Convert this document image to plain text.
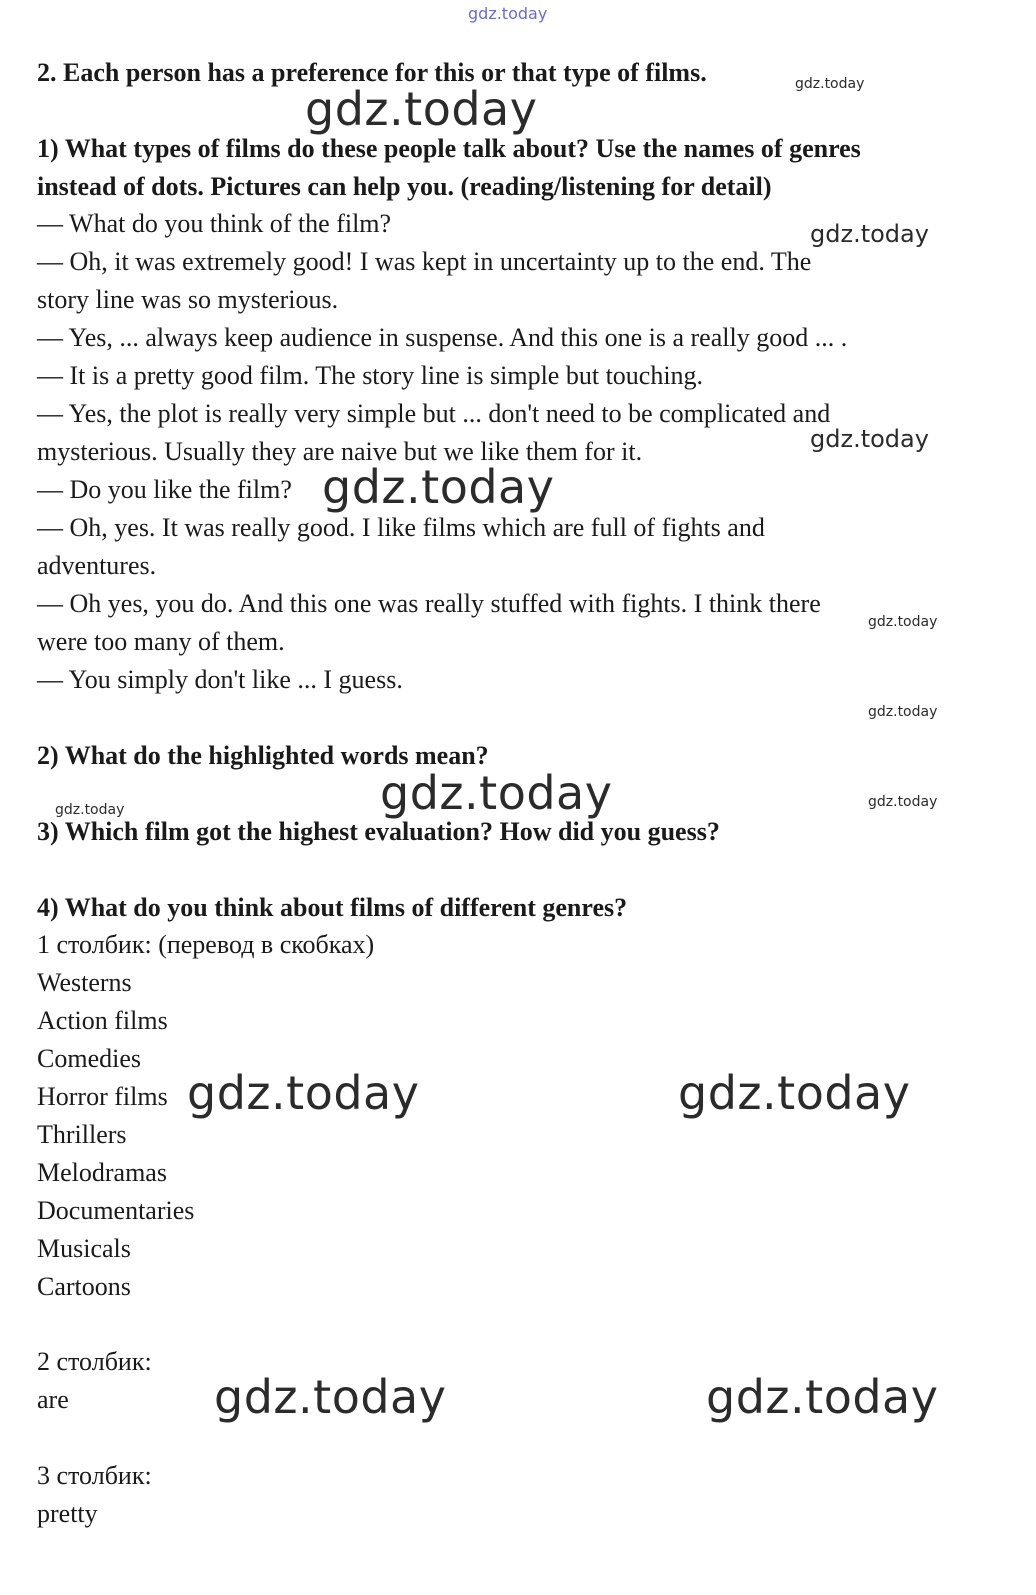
gdz.today
gdz.today
gdz.today
gdz.today
gdz.today
gdz.today
gdz.today
gdz.today
gdz.today
gdz.today	gdz.today
gdz.today	gdz.today
gdz.today	gdz.today
2. Each person has a preference for this or that type of films.
1) What types of films do these people talk about? Use the names of genres
instead of dots. Pictures can help you. (reading/listening for detail)
— What do you think of the film?
— Oh, it was extremely good! I was kept in uncertainty up to the end. The
story line was so mysterious.
— Yes, ... always keep audience in suspense. And this one is a really good ... .
— It is a pretty good film. The story line is simple but touching.
— Yes, the plot is really very simple but ... don't need to be complicated and
mysterious. Usually they are naive but we like them for it.
— Do you like the film?
— Oh, yes. It was really good. I like films which are full of fights and
adventures.
— Oh yes, you do. And this one was really stuffed with fights. I think there
were too many of them.
— You simply don't like ... I guess.
2) What do the highlighted words mean?
3) Which film got the highest evaluation? How did you guess?
4) What do you think about films of different genres?
1 столбик: (перевод в скобках)
Westerns
Action films
Comedies
Horror films
Thrillers
Melodramas
Documentaries
Musicals
Cartoons
2 столбик:
are
3 столбик:
pretty
